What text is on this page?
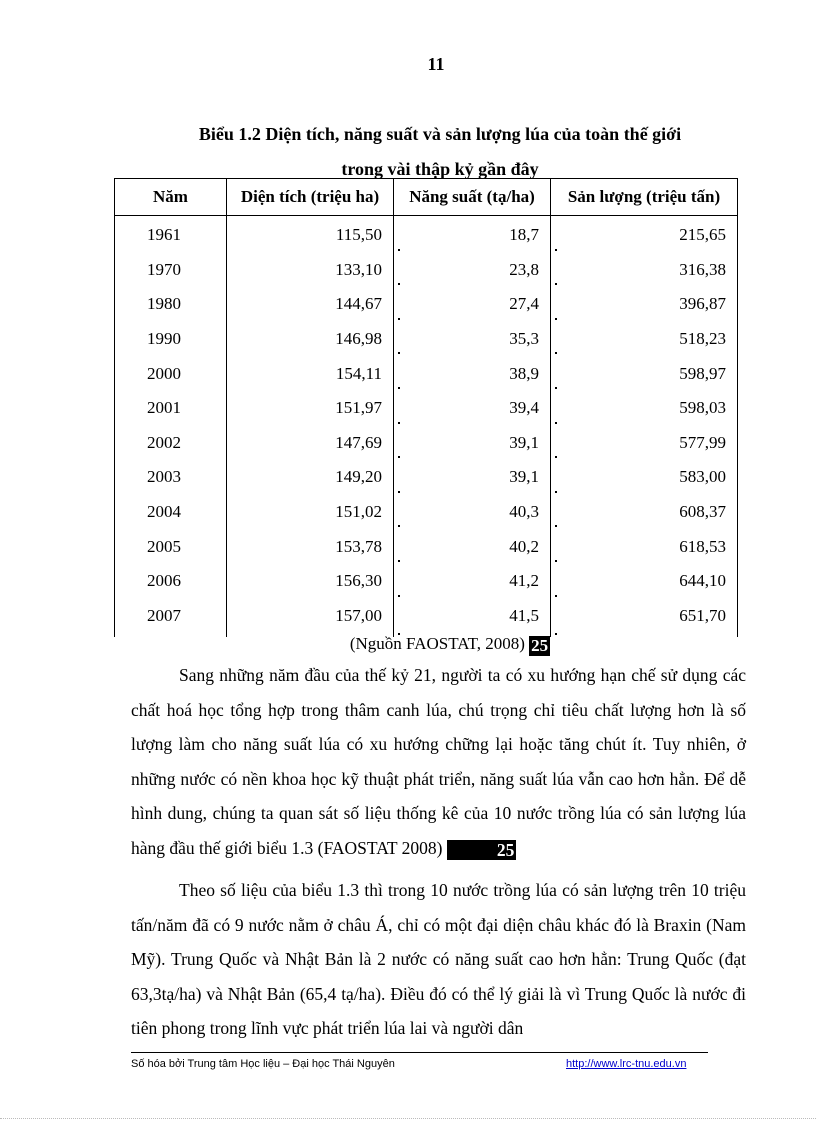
11
Biểu 1.2 Diện tích, năng suất và sản lượng lúa của toàn thế giới
trong vài thập kỷ gần đây
Năm	Diện tích (triệu ha)	Năng suất (tạ/ha)	Sản lượng (triệu tấn)
1961	115,50	18,7	215,65
1970	133,10	23,8	316,38
1980	144,67	27,4	396,87
1990	146,98	35,3	518,23
2000	154,11	38,9	598,97
2001	151,97	39,4	598,03
2002	147,69	39,1	577,99
2003	149,20	39,1	583,00
2004	151,02	40,3	608,37
2005	153,78	40,2	618,53
2006	156,30	41,2	644,10
2007	157,00	41,5	651,70
(Nguồn FAOSTAT, 2008) 25

Sang những năm đầu của thế kỷ 21, người ta có xu hướng hạn chế sử dụng các chất hoá học tổng hợp trong thâm canh lúa, chú trọng chỉ tiêu chất lượng hơn là số lượng làm cho năng suất lúa có xu hướng chững lại hoặc tăng chút ít. Tuy nhiên, ở những nước có nền khoa học kỹ thuật phát triển, năng suất lúa vẫn cao hơn hẳn. Để dễ hình dung, chúng ta quan sát số liệu thống kê của 10 nước trồng lúa có sản lượng lúa hàng đầu thế giới biểu 1.3 (FAOSTAT 2008)	25

Theo số liệu của biểu 1.3 thì trong 10 nước trồng lúa có sản lượng trên 10 triệu tấn/năm đã có 9 nước nằm ở châu Á, chỉ có một đại diện châu khác đó là Braxin (Nam Mỹ). Trung Quốc và Nhật Bản là 2 nước có năng suất cao hơn hẳn: Trung Quốc (đạt 63,3tạ/ha) và Nhật Bản (65,4 tạ/ha). Điều đó có thể lý giải là vì Trung Quốc là nước đi tiên phong trong lĩnh vực phát triển lúa lai và người dân

Số hóa bởi Trung tâm Học liệu – Đại học Thái Nguyên	http://www.lrc-tnu.edu.vn
